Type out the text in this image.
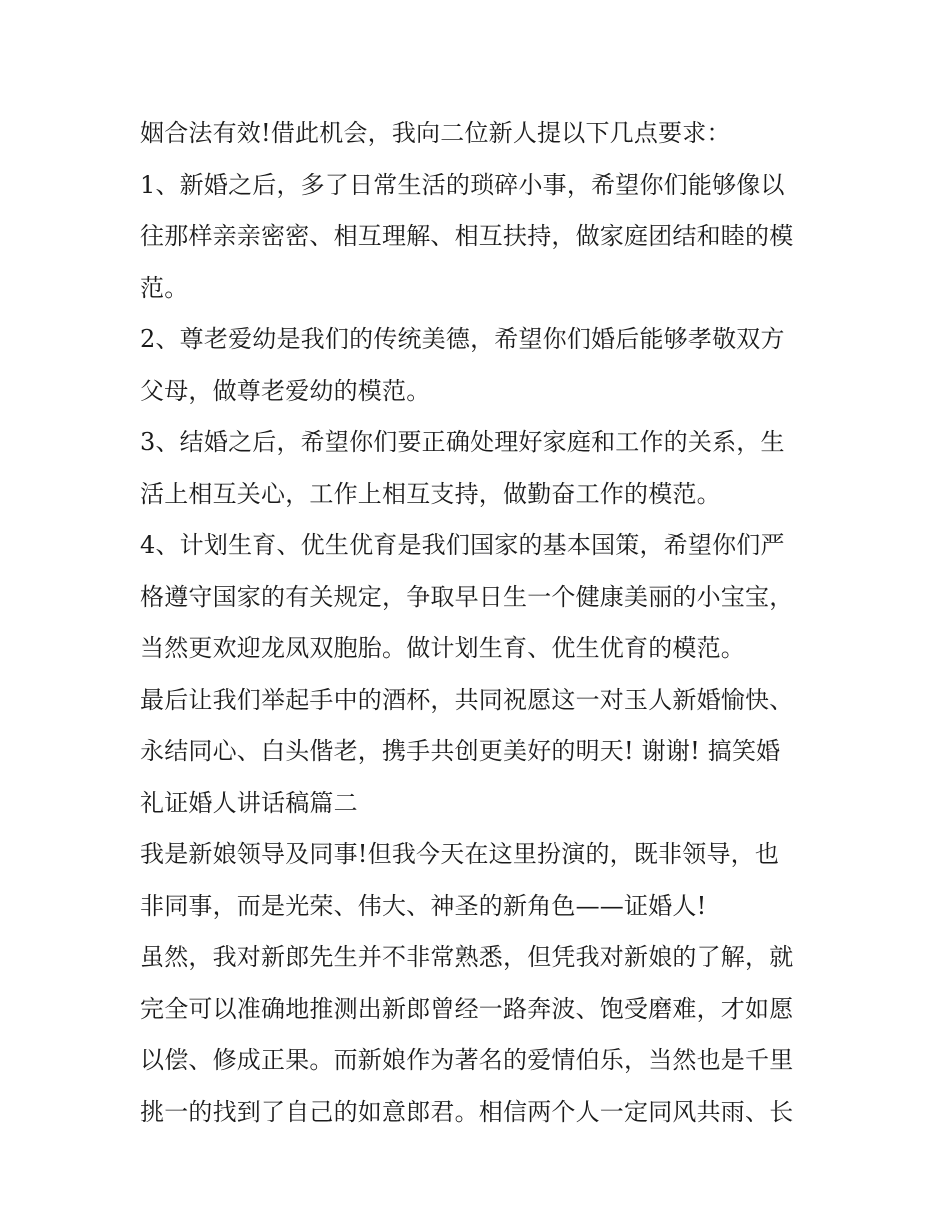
姻合法有效!借此机会，我向二位新人提以下几点要求：
1、新婚之后，多了日常生活的琐碎小事，希望你们能够像以
往那样亲亲密密、相互理解、相互扶持，做家庭团结和睦的模
范。
2、尊老爱幼是我们的传统美德，希望你们婚后能够孝敬双方
父母，做尊老爱幼的模范。
3、结婚之后，希望你们要正确处理好家庭和工作的关系，生
活上相互关心，工作上相互支持，做勤奋工作的模范。
4、计划生育、优生优育是我们国家的基本国策，希望你们严
格遵守国家的有关规定，争取早日生一个健康美丽的小宝宝，
当然更欢迎龙凤双胞胎。做计划生育、优生优育的模范。
最后让我们举起手中的酒杯，共同祝愿这一对玉人新婚愉快、
永结同心、白头偕老，携手共创更美好的明天! 谢谢! 搞笑婚
礼证婚人讲话稿篇二
我是新娘领导及同事!但我今天在这里扮演的，既非领导，也
非同事，而是光荣、伟大、神圣的新角色——证婚人!
虽然，我对新郎先生并不非常熟悉，但凭我对新娘的了解，就
完全可以准确地推测出新郎曾经一路奔波、饱受磨难，才如愿
以偿、修成正果。而新娘作为著名的爱情伯乐，当然也是千里
挑一的找到了自己的如意郎君。相信两个人一定同风共雨、长
